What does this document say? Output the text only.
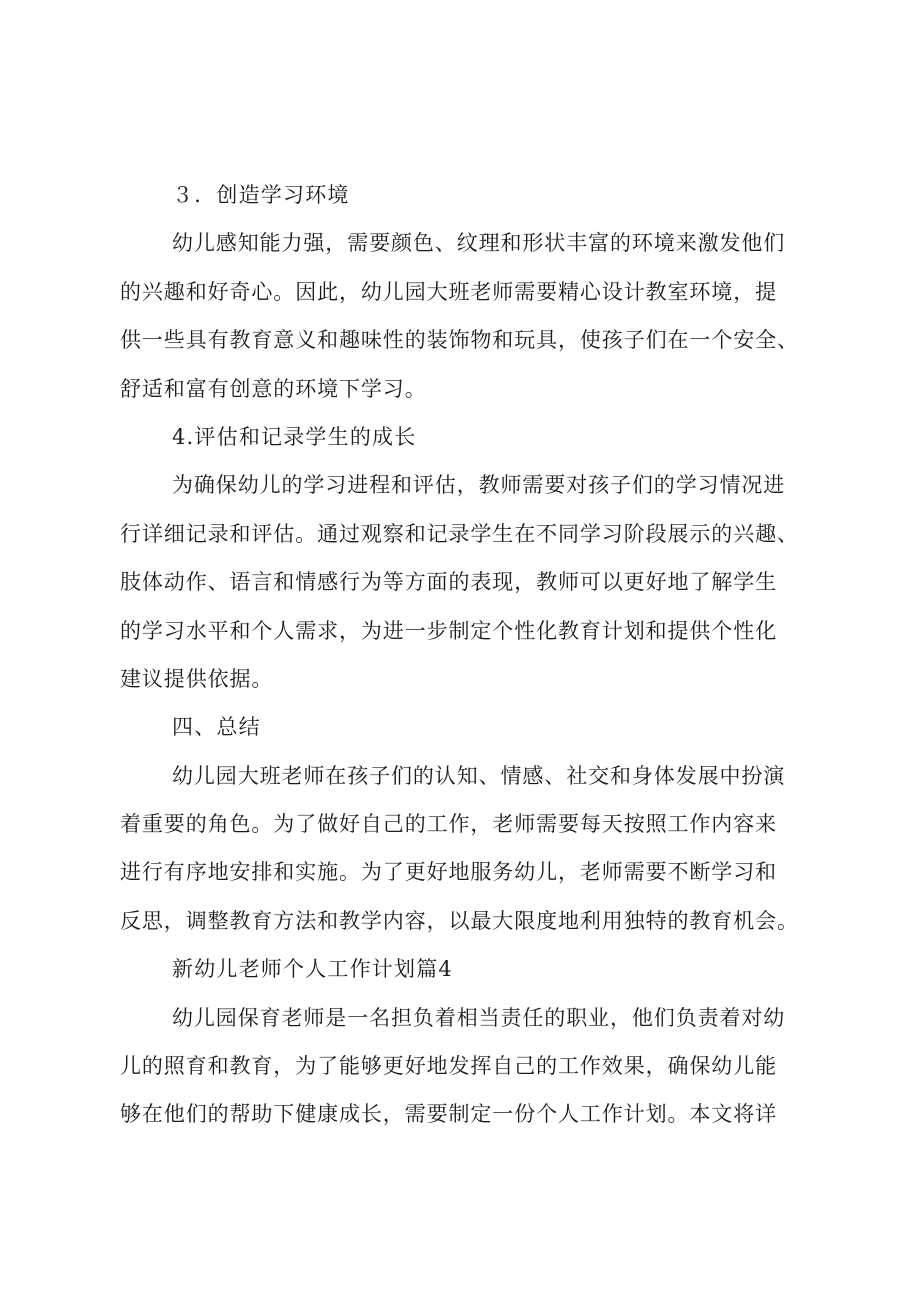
３．创造学习环境
幼儿感知能力强，需要颜色、纹理和形状丰富的环境来激发他们
的兴趣和好奇心。因此，幼儿园大班老师需要精心设计教室环境，提
供一些具有教育意义和趣味性的装饰物和玩具，使孩子们在一个安全、
舒适和富有创意的环境下学习。
4.评估和记录学生的成长
为确保幼儿的学习进程和评估，教师需要对孩子们的学习情况进
行详细记录和评估。通过观察和记录学生在不同学习阶段展示的兴趣、
肢体动作、语言和情感行为等方面的表现，教师可以更好地了解学生
的学习水平和个人需求，为进一步制定个性化教育计划和提供个性化
建议提供依据。
四、总结
幼儿园大班老师在孩子们的认知、情感、社交和身体发展中扮演
着重要的角色。为了做好自己的工作，老师需要每天按照工作内容来
进行有序地安排和实施。为了更好地服务幼儿，老师需要不断学习和
反思，调整教育方法和教学内容，以最大限度地利用独特的教育机会。
新幼儿老师个人工作计划篇4
幼儿园保育老师是一名担负着相当责任的职业，他们负责着对幼
儿的照育和教育，为了能够更好地发挥自己的工作效果，确保幼儿能
够在他们的帮助下健康成长，需要制定一份个人工作计划。本文将详
